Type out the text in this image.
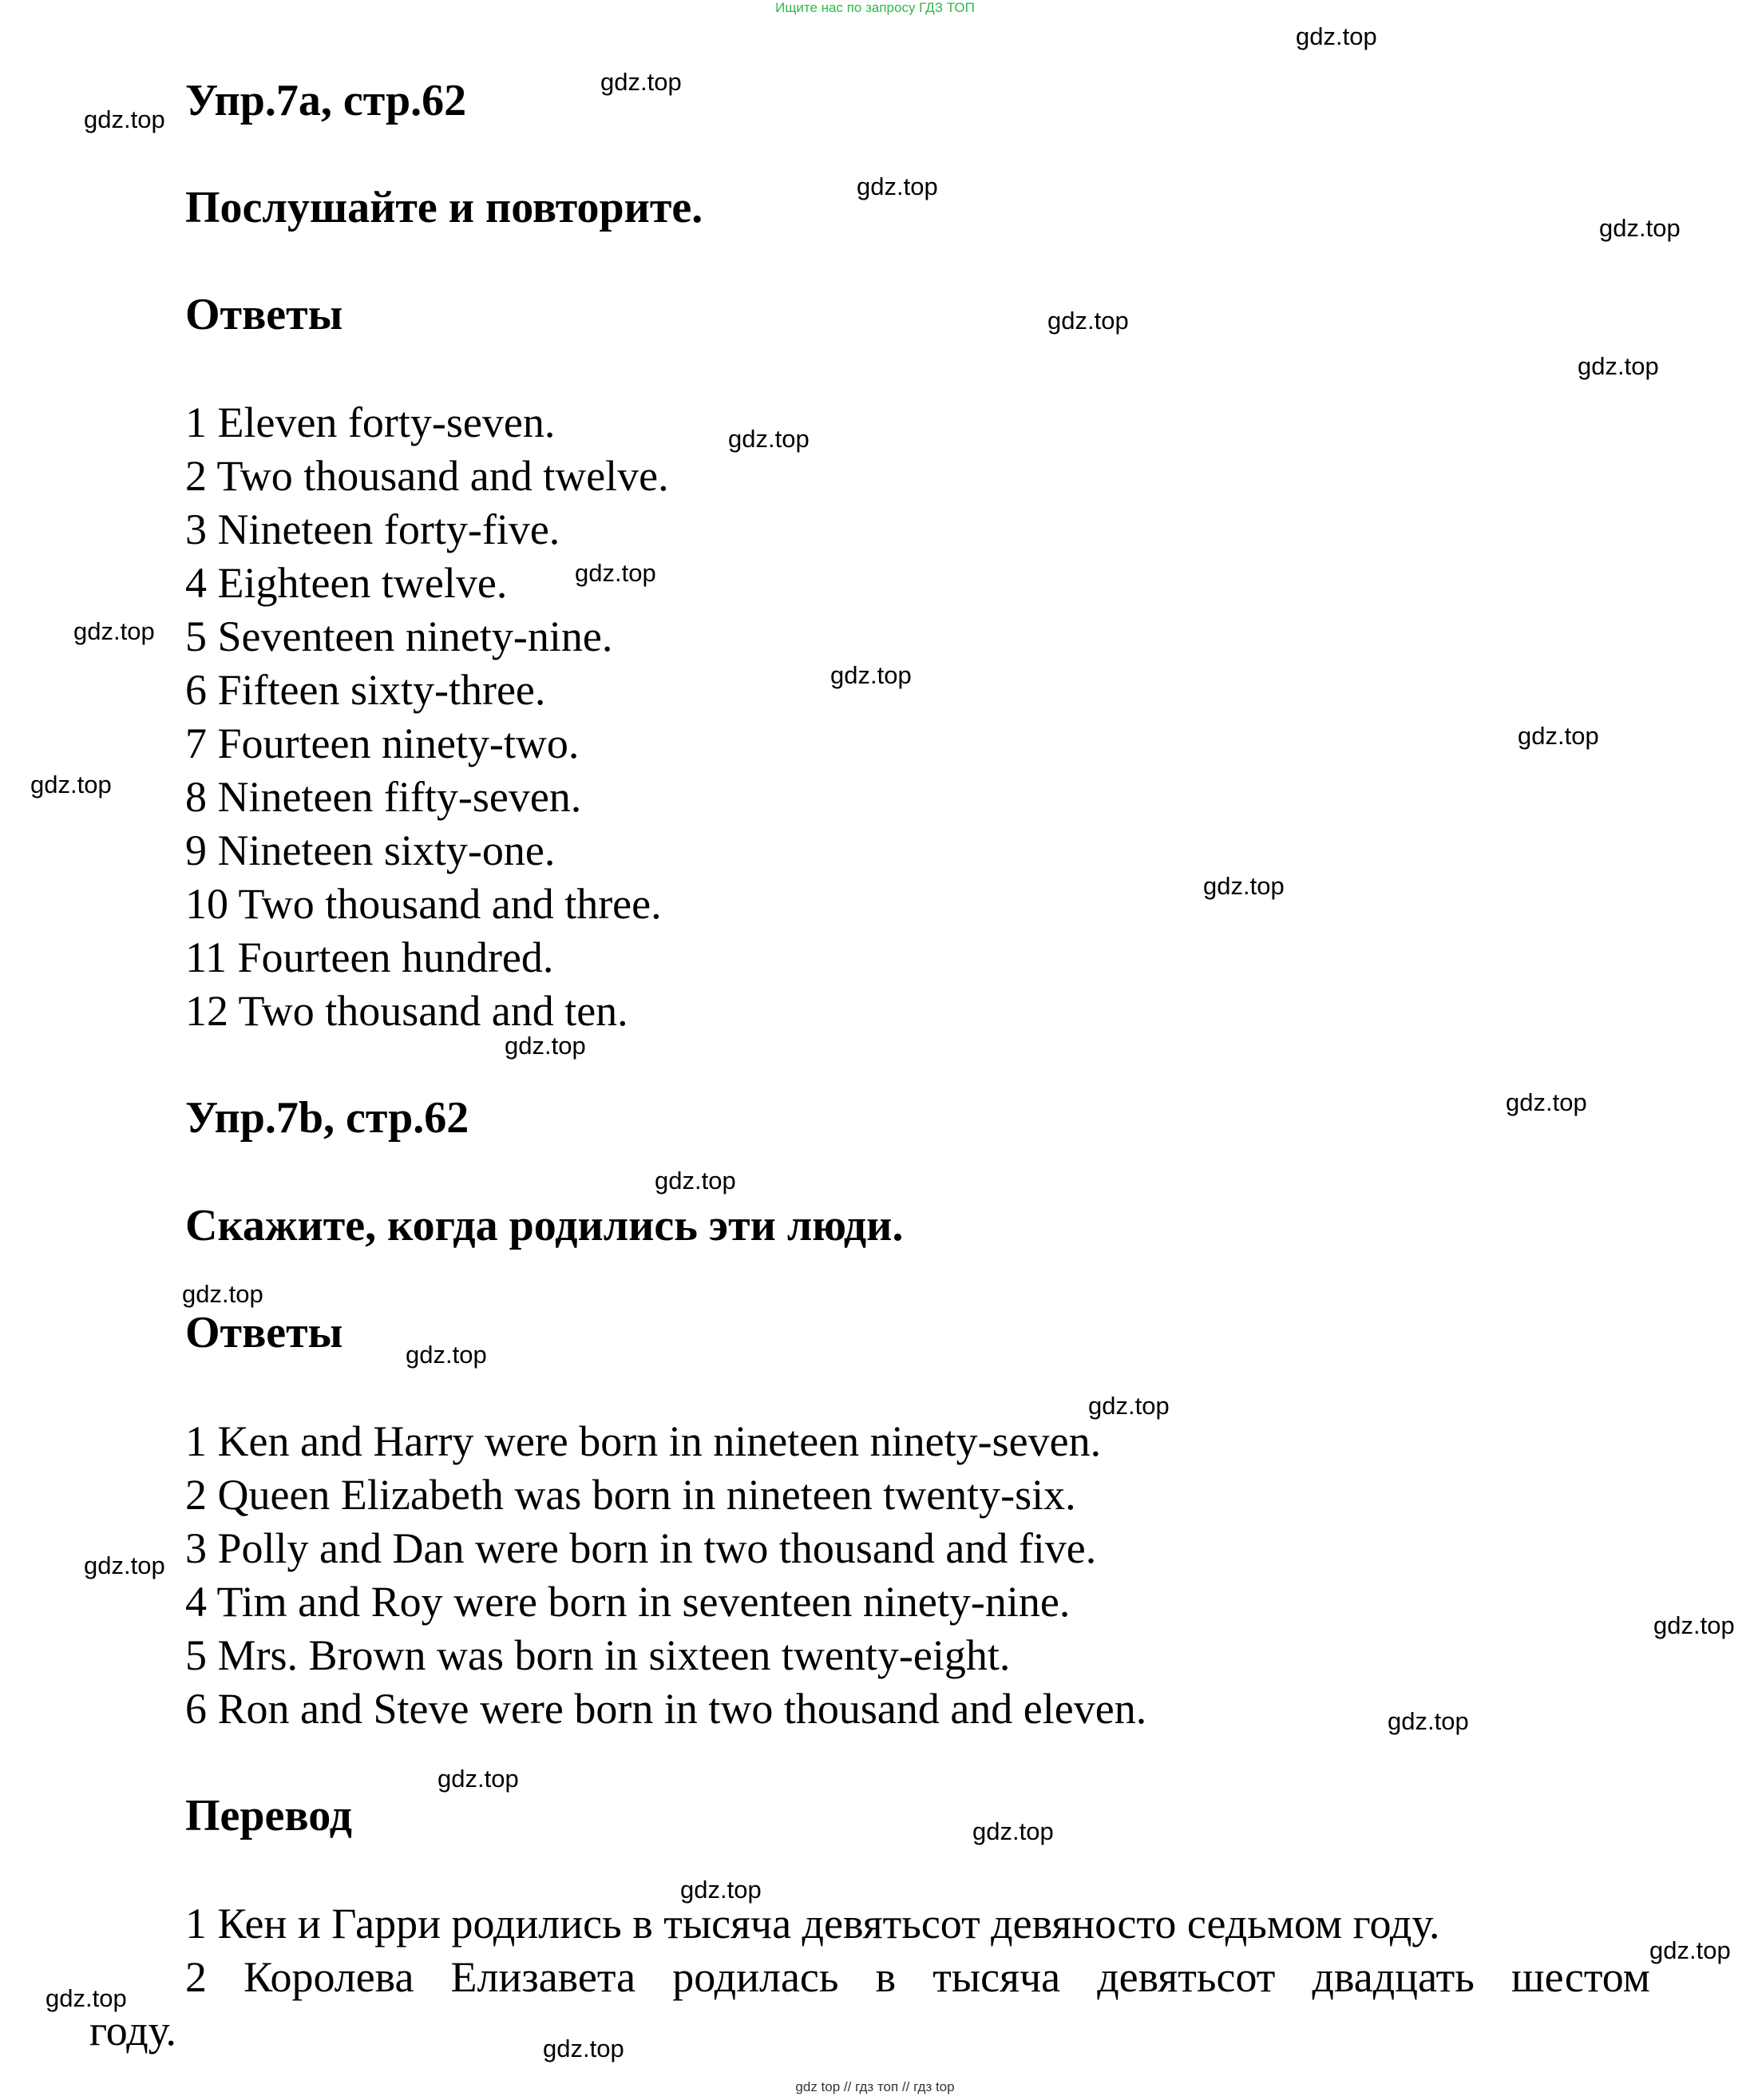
Ищите нас по запросу ГДЗ ТОП
Упр.7a, стр.62
Послушайте и повторите.
Ответы
1 Eleven forty-seven.
2 Two thousand and twelve.
3 Nineteen forty-five.
4 Eighteen twelve.
5 Seventeen ninety-nine.
6 Fifteen sixty-three.
7 Fourteen ninety-two.
8 Nineteen fifty-seven.
9 Nineteen sixty-one.
10 Two thousand and three.
11 Fourteen hundred.
12 Two thousand and ten.
Упр.7b, стр.62
Скажите, когда родились эти люди.
Ответы
1 Ken and Harry were born in nineteen ninety-seven.
2 Queen Elizabeth was born in nineteen twenty-six.
3 Polly and Dan were born in two thousand and five.
4 Tim and Roy were born in seventeen ninety-nine.
5 Mrs. Brown was born in sixteen twenty-eight.
6 Ron and Steve were born in two thousand and eleven.
Перевод
1 Кен и Гарри родились в тысяча девятьсот девяносто седьмом году.
2 Королева Елизавета родилась в тысяча девятьсот двадцать шестом
году.
gdz.top
gdz.top
gdz.top
gdz.top
gdz.top
gdz.top
gdz.top
gdz.top
gdz.top
gdz.top
gdz.top
gdz.top
gdz.top
gdz.top
gdz.top
gdz.top
gdz.top
gdz.top
gdz.top
gdz.top
gdz.top
gdz.top
gdz.top
gdz.top
gdz.top
gdz.top
gdz.top
gdz.top
gdz.top
gdz top // гдз топ // гдз top
